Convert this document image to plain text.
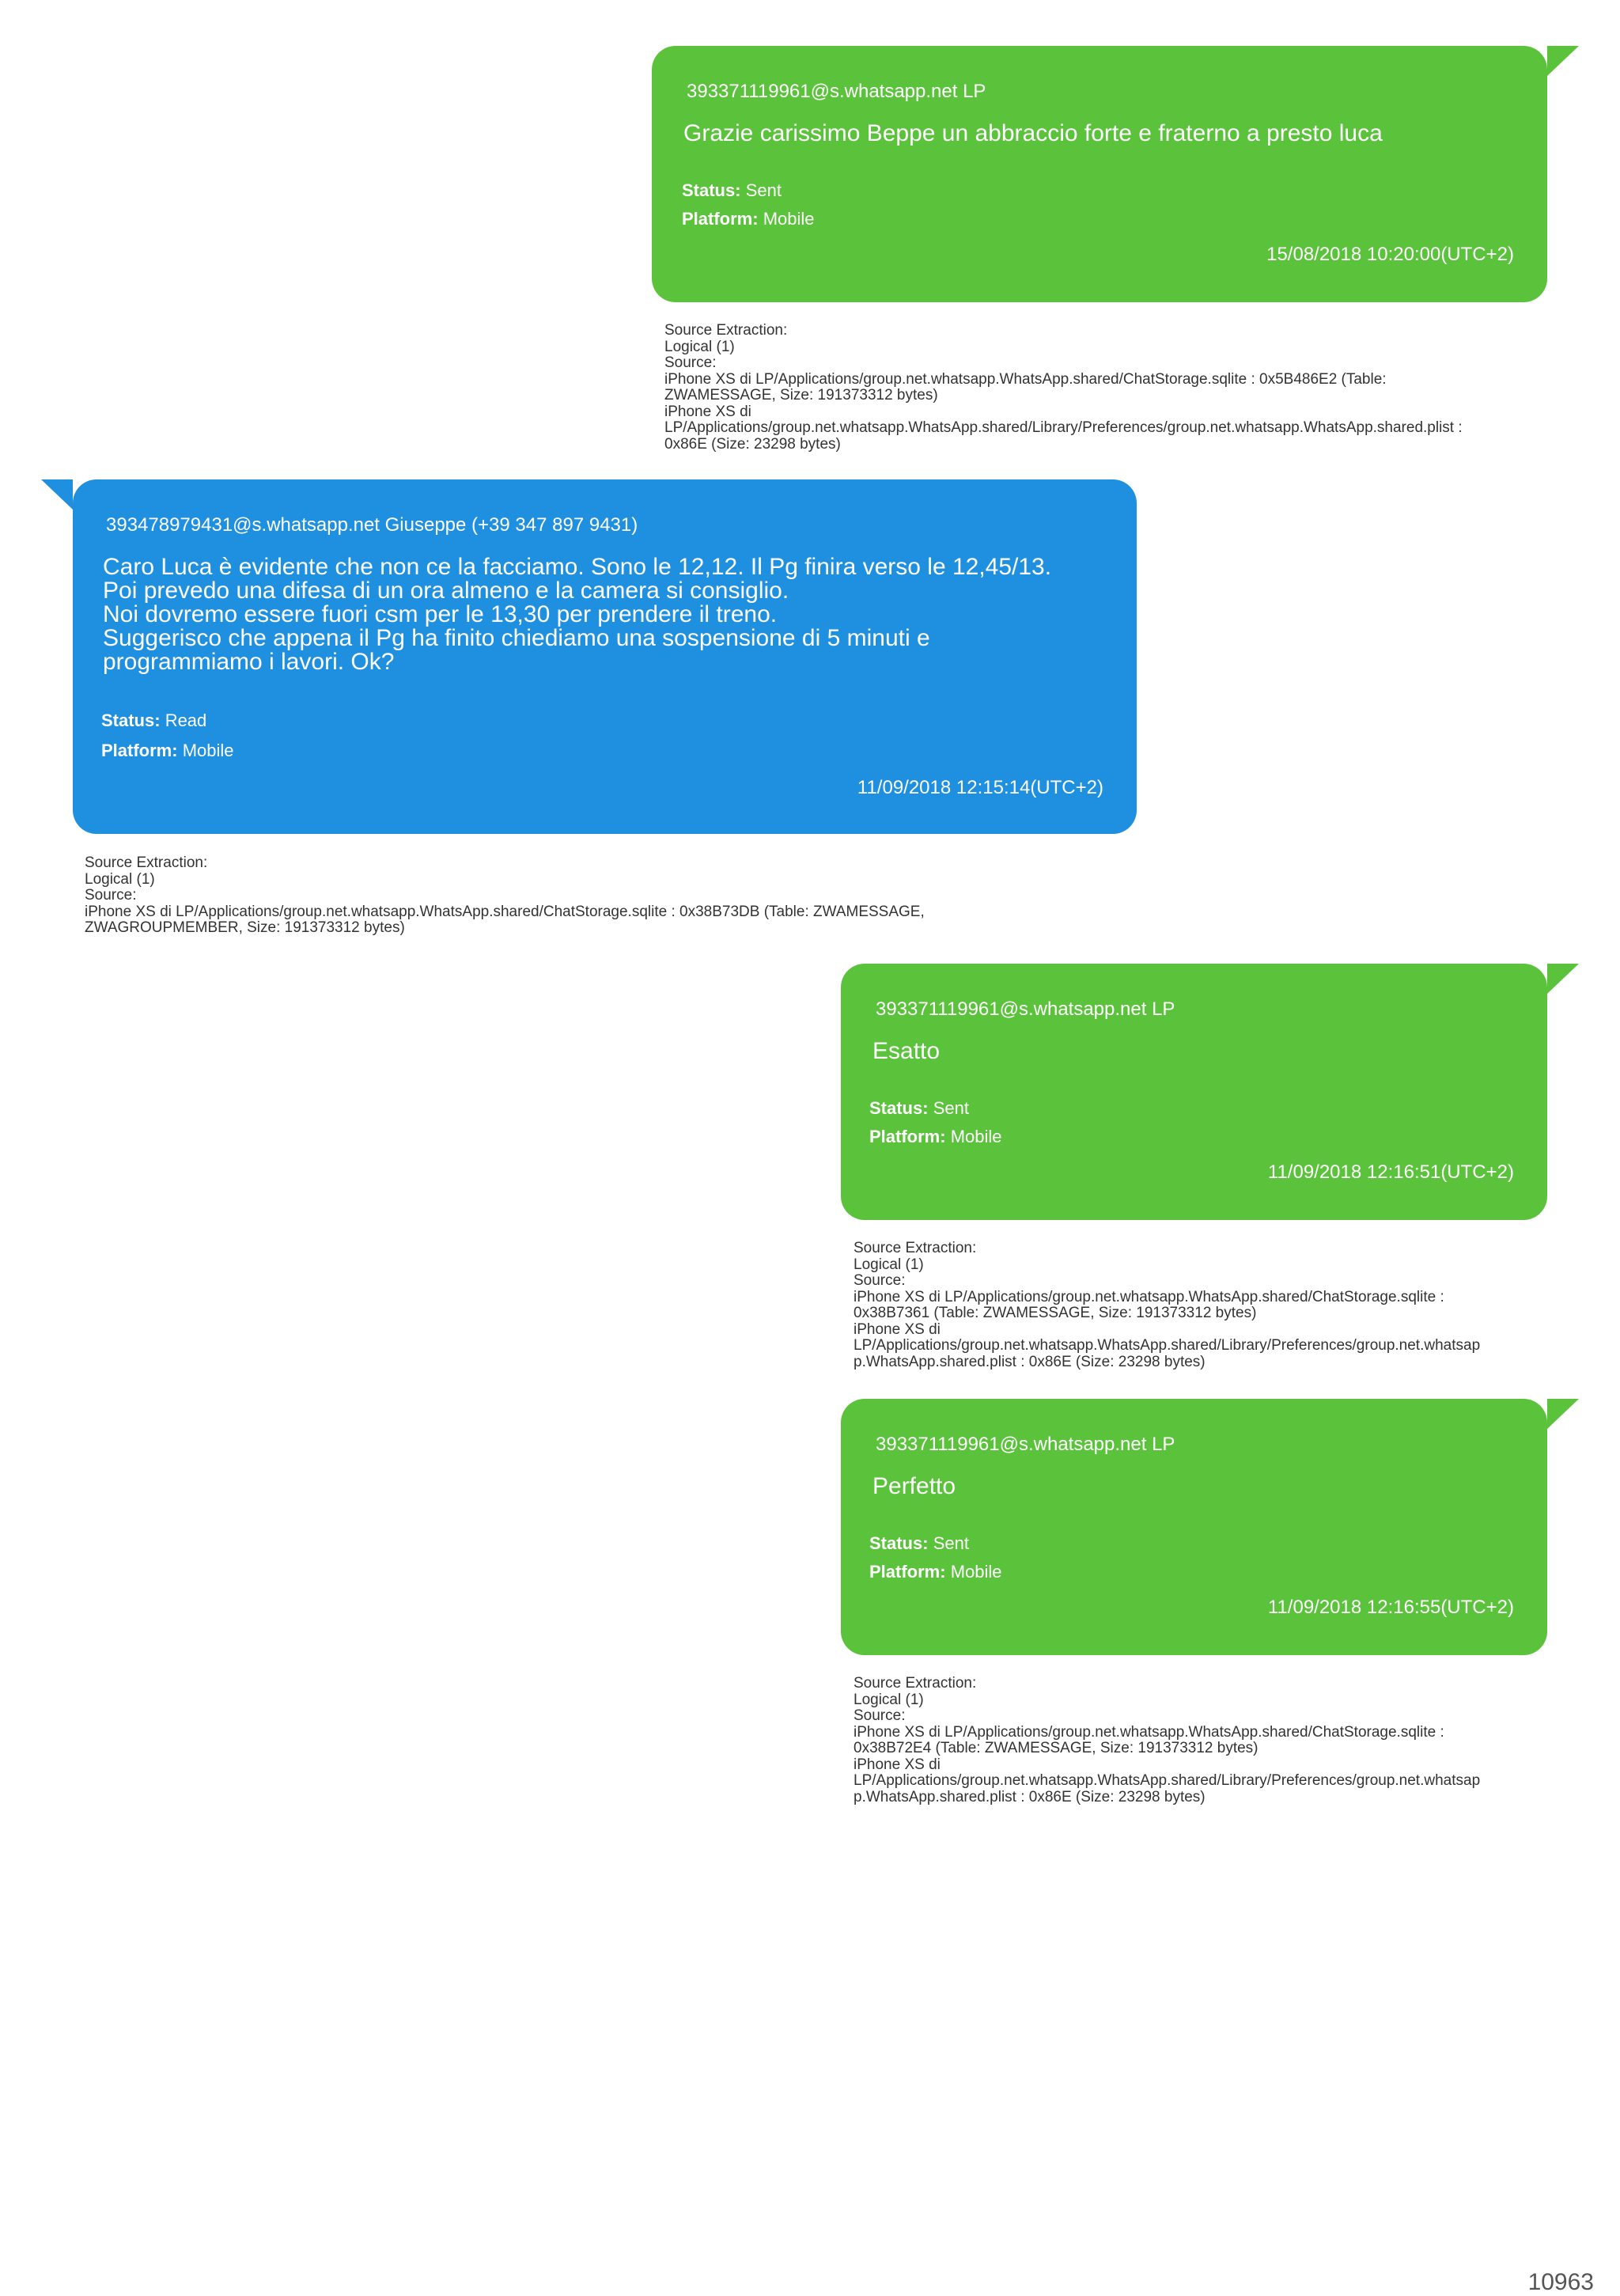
393371119961@s.whatsapp.net LP
Grazie carissimo Beppe un abbraccio forte e fraterno a presto luca
Status: Sent
Platform: Mobile
15/08/2018 10:20:00(UTC+2)
Source Extraction:
Logical (1)
Source:
iPhone XS di LP/Applications/group.net.whatsapp.WhatsApp.shared/ChatStorage.sqlite : 0x5B486E2 (Table:
ZWAMESSAGE, Size: 191373312 bytes)
iPhone XS di
LP/Applications/group.net.whatsapp.WhatsApp.shared/Library/Preferences/group.net.whatsapp.WhatsApp.shared.plist :
0x86E (Size: 23298 bytes)
393478979431@s.whatsapp.net Giuseppe (+39 347 897 9431)
Caro Luca è evidente che non ce la facciamo. Sono le 12,12. Il Pg finira verso le 12,45/13.
Poi prevedo una difesa di un ora almeno e la camera si consiglio.
Noi dovremo essere fuori csm per le 13,30 per prendere il treno.
Suggerisco che appena il Pg ha finito chiediamo una sospensione di 5 minuti e
programmiamo i lavori. Ok?
Status: Read
Platform: Mobile
11/09/2018 12:15:14(UTC+2)
Source Extraction:
Logical (1)
Source:
iPhone XS di LP/Applications/group.net.whatsapp.WhatsApp.shared/ChatStorage.sqlite : 0x38B73DB (Table: ZWAMESSAGE,
ZWAGROUPMEMBER, Size: 191373312 bytes)
393371119961@s.whatsapp.net LP
Esatto
Status: Sent
Platform: Mobile
11/09/2018 12:16:51(UTC+2)
Source Extraction:
Logical (1)
Source:
iPhone XS di LP/Applications/group.net.whatsapp.WhatsApp.shared/ChatStorage.sqlite :
0x38B7361 (Table: ZWAMESSAGE, Size: 191373312 bytes)
iPhone XS di
LP/Applications/group.net.whatsapp.WhatsApp.shared/Library/Preferences/group.net.whatsap
p.WhatsApp.shared.plist : 0x86E (Size: 23298 bytes)
393371119961@s.whatsapp.net LP
Perfetto
Status: Sent
Platform: Mobile
11/09/2018 12:16:55(UTC+2)
Source Extraction:
Logical (1)
Source:
iPhone XS di LP/Applications/group.net.whatsapp.WhatsApp.shared/ChatStorage.sqlite :
0x38B72E4 (Table: ZWAMESSAGE, Size: 191373312 bytes)
iPhone XS di
LP/Applications/group.net.whatsapp.WhatsApp.shared/Library/Preferences/group.net.whatsap
p.WhatsApp.shared.plist : 0x86E (Size: 23298 bytes)
10963
